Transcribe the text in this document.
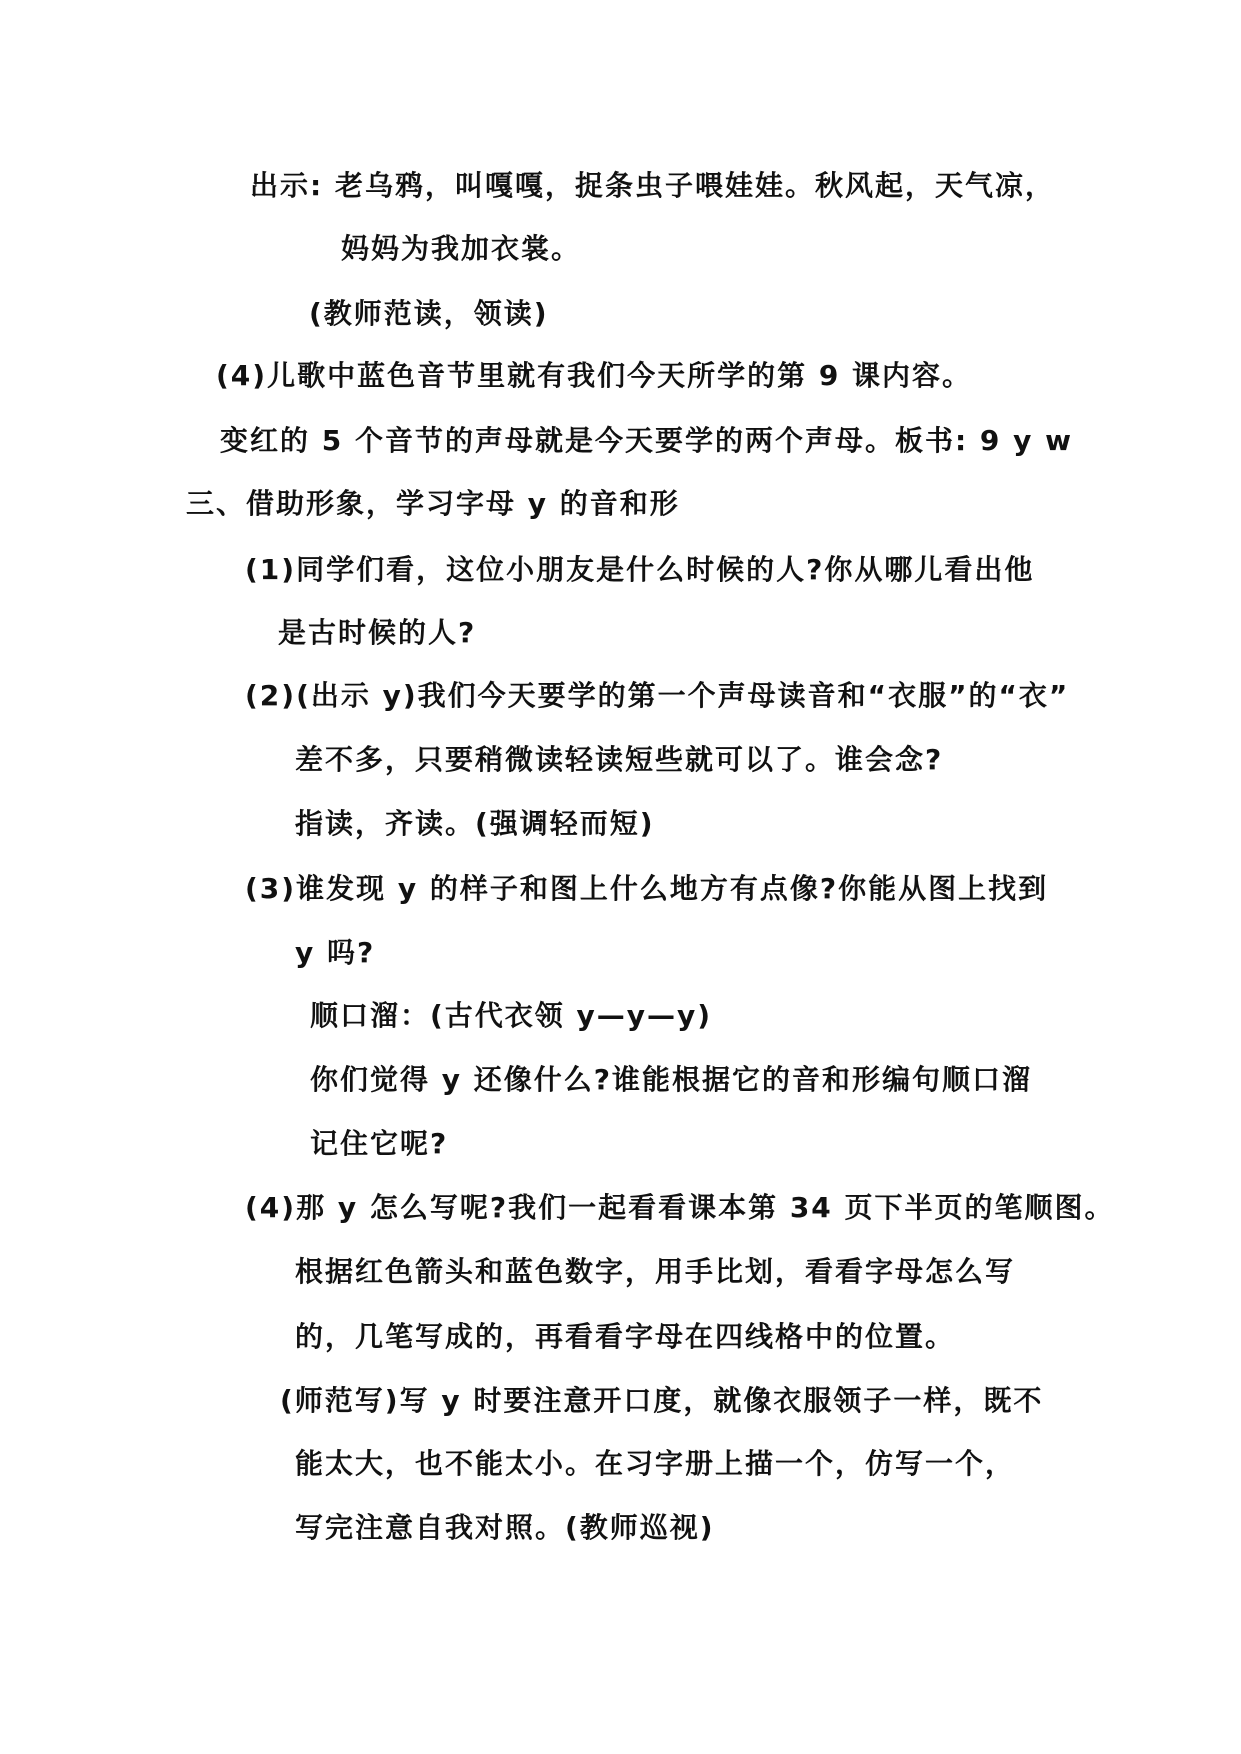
出示: 老乌鸦，叫嘎嘎，捉条虫子喂娃娃。秋风起，天气凉，
妈妈为我加衣裳。
(教师范读，领读)
(4)儿歌中蓝色音节里就有我们今天所学的第 9 课内容。
变红的 5 个音节的声母就是今天要学的两个声母。板书: 9 y w
三、借助形象，学习字母 y 的音和形
(1)同学们看，这位小朋友是什么时候的人?你从哪儿看出他
是古时候的人?
(2)(出示 y)我们今天要学的第一个声母读音和“衣服”的“衣”
差不多，只要稍微读轻读短些就可以了。谁会念?
指读，齐读。(强调轻而短)
(3)谁发现 y 的样子和图上什么地方有点像?你能从图上找到
y 吗?
顺口溜：(古代衣领 y—y—y)
你们觉得 y 还像什么?谁能根据它的音和形编句顺口溜
记住它呢?
(4)那 y 怎么写呢?我们一起看看课本第 34 页下半页的笔顺图。
根据红色箭头和蓝色数字，用手比划，看看字母怎么写
的，几笔写成的，再看看字母在四线格中的位置。
(师范写)写 y 时要注意开口度，就像衣服领子一样，既不
能太大，也不能太小。在习字册上描一个，仿写一个，
写完注意自我对照。(教师巡视)
